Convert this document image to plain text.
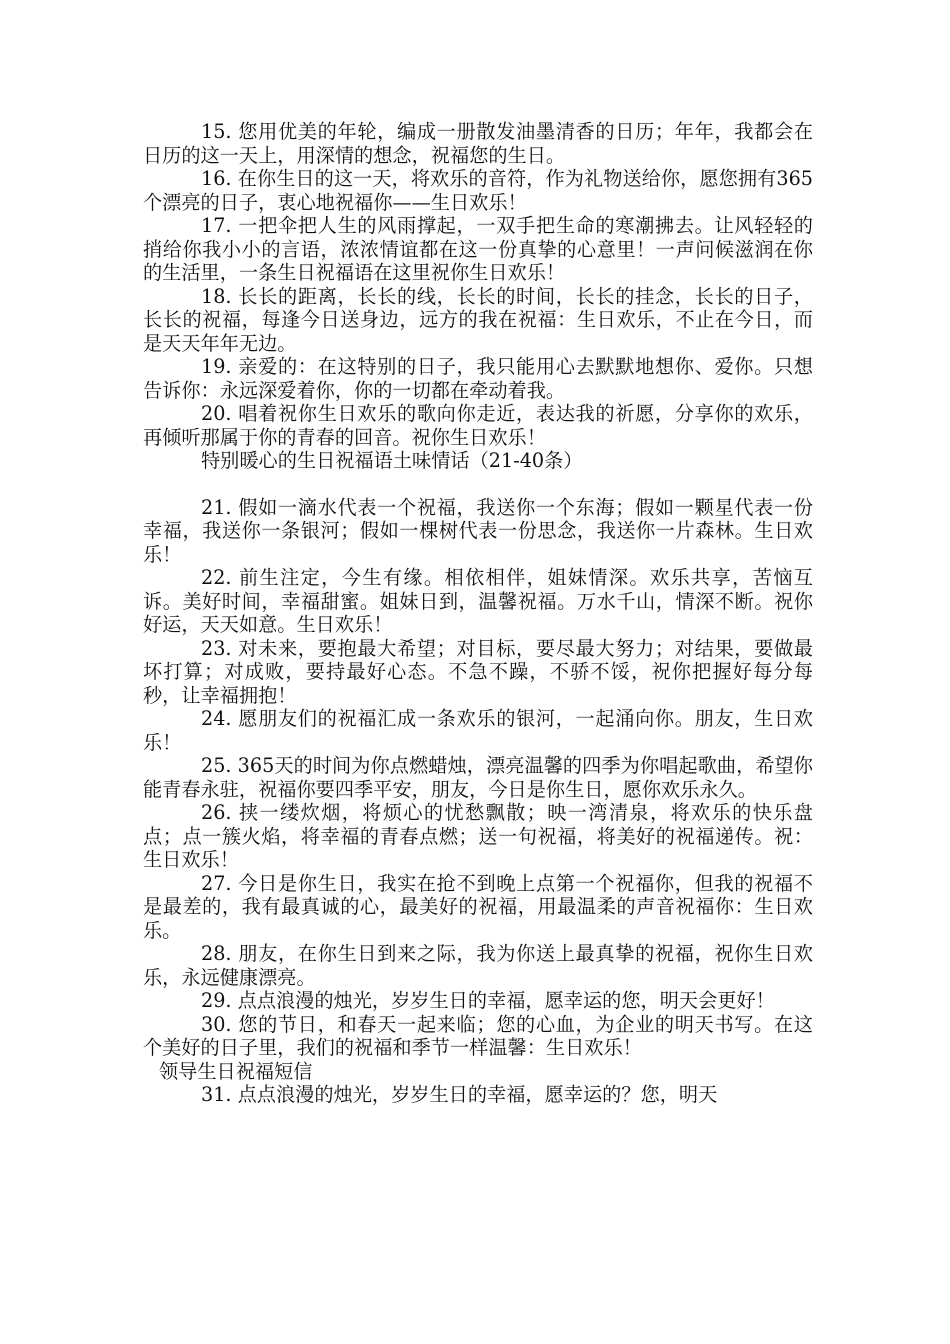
15. 您用优美的年轮，编成一册散发油墨清香的日历；年年，我都会在日历的这一天上，用深情的想念，祝福您的生日。

16. 在你生日的这一天，将欢乐的音符，作为礼物送给你，愿您拥有365个漂亮的日子，衷心地祝福你——生日欢乐！

17. 一把伞把人生的风雨撑起，一双手把生命的寒潮拂去。让风轻轻的捎给你我小小的言语，浓浓情谊都在这一份真挚的心意里！一声问候滋润在你的生活里，一条生日祝福语在这里祝你生日欢乐！

18. 长长的距离，长长的线，长长的时间，长长的挂念，长长的日子，长长的祝福，每逢今日送身边，远方的我在祝福：生日欢乐，不止在今日，而是天天年年无边。

19. 亲爱的：在这特别的日子，我只能用心去默默地想你、爱你。只想告诉你：永远深爱着你，你的一切都在牵动着我。

20. 唱着祝你生日欢乐的歌向你走近，表达我的祈愿，分享你的欢乐，再倾听那属于你的青春的回音。祝你生日欢乐！

特别暖心的生日祝福语土味情话（21-40条）

21. 假如一滴水代表一个祝福，我送你一个东海；假如一颗星代表一份幸福，我送你一条银河；假如一棵树代表一份思念，我送你一片森林。生日欢乐！

22. 前生注定，今生有缘。相依相伴，姐妹情深。欢乐共享，苦恼互诉。美好时间，幸福甜蜜。姐妹日到，温馨祝福。万水千山，情深不断。祝你好运，天天如意。生日欢乐！

23. 对未来，要抱最大希望；对目标，要尽最大努力；对结果，要做最坏打算；对成败，要持最好心态。不急不躁，不骄不馁，祝你把握好每分每秒，让幸福拥抱！

24. 愿朋友们的祝福汇成一条欢乐的银河，一起涌向你。朋友，生日欢乐！

25. 365天的时间为你点燃蜡烛，漂亮温馨的四季为你唱起歌曲，希望你能青春永驻，祝福你要四季平安，朋友，今日是你生日，愿你欢乐永久。

26. 挟一缕炊烟，将烦心的忧愁飘散；映一湾清泉，将欢乐的快乐盘点；点一簇火焰，将幸福的青春点燃；送一句祝福，将美好的祝福递传。祝：生日欢乐！

27. 今日是你生日，我实在抢不到晚上点第一个祝福你，但我的祝福不是最差的，我有最真诚的心，最美好的祝福，用最温柔的声音祝福你：生日欢乐。

28. 朋友，在你生日到来之际，我为你送上最真挚的祝福，祝你生日欢乐，永远健康漂亮。

29. 点点浪漫的烛光，岁岁生日的幸福，愿幸运的您，明天会更好！

30. 您的节日，和春天一起来临；您的心血，为企业的明天书写。在这个美好的日子里，我们的祝福和季节一样温馨：生日欢乐！

领导生日祝福短信

31. 点点浪漫的烛光，岁岁生日的幸福，愿幸运的？您，明天
